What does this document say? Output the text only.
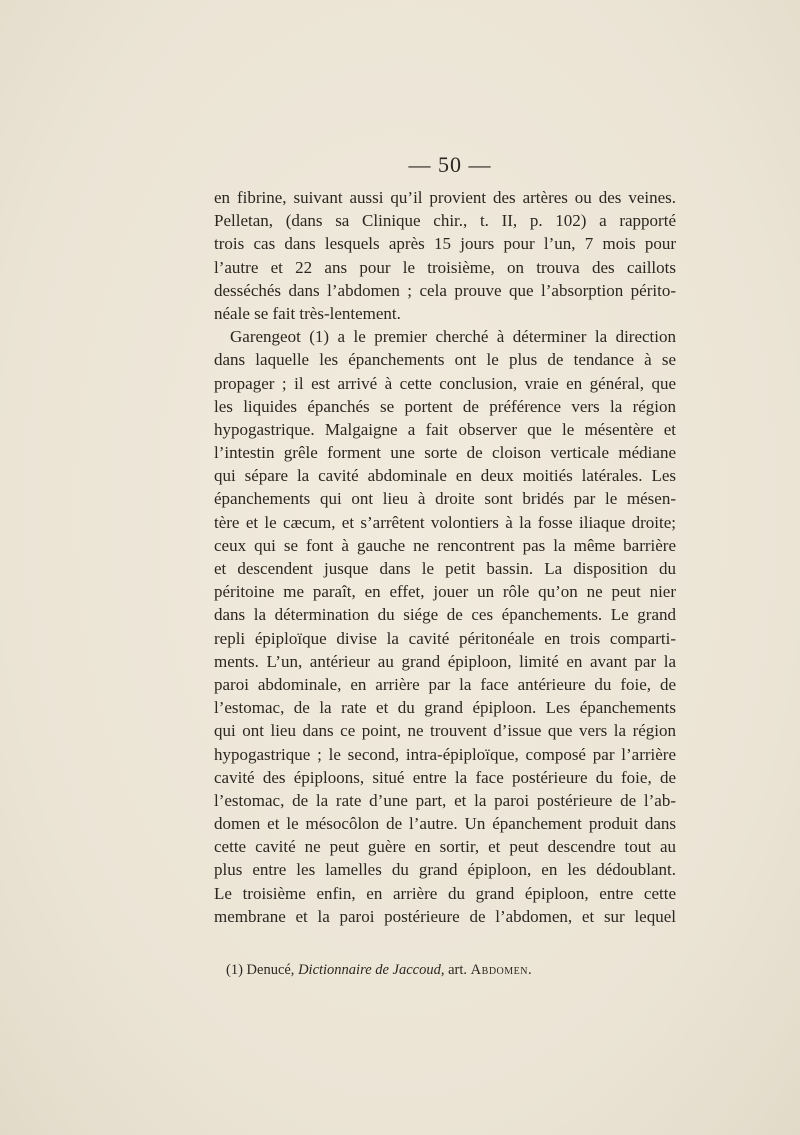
— 50 —
en fibrine, suivant aussi qu’il provient des artères ou des veines.
Pelletan, (dans sa Clinique chir., t. II, p. 102) a rapporté
trois cas dans lesquels après 15 jours pour l’un, 7 mois pour
l’autre et 22 ans pour le troisième, on trouva des caillots
desséchés dans l’abdomen ; cela prouve que l’absorption périto-
néale se fait très-lentement.
Garengeot (1) a le premier cherché à déterminer la direction
dans laquelle les épanchements ont le plus de tendance à se
propager ; il est arrivé à cette conclusion, vraie en général, que
les liquides épanchés se portent de préférence vers la région
hypogastrique. Malgaigne a fait observer que le mésentère et
l’intestin grêle forment une sorte de cloison verticale médiane
qui sépare la cavité abdominale en deux moitiés latérales. Les
épanchements qui ont lieu à droite sont bridés par le mésen-
tère et le cæcum, et s’arrêtent volontiers à la fosse iliaque droite;
ceux qui se font à gauche ne rencontrent pas la même barrière
et descendent jusque dans le petit bassin. La disposition du
péritoine me paraît, en effet, jouer un rôle qu’on ne peut nier
dans la détermination du siége de ces épanchements. Le grand
repli épiploïque divise la cavité péritonéale en trois comparti-
ments. L’un, antérieur au grand épiploon, limité en avant par la
paroi abdominale, en arrière par la face antérieure du foie, de
l’estomac, de la rate et du grand épiploon. Les épanchements
qui ont lieu dans ce point, ne trouvent d’issue que vers la région
hypogastrique ; le second, intra-épiploïque, composé par l’arrière
cavité des épiploons, situé entre la face postérieure du foie, de
l’estomac, de la rate d’une part, et la paroi postérieure de l’ab-
domen et le mésocôlon de l’autre. Un épanchement produit dans
cette cavité ne peut guère en sortir, et peut descendre tout au
plus entre les lamelles du grand épiploon, en les dédoublant.
Le troisième enfin, en arrière du grand épiploon, entre cette
membrane et la paroi postérieure de l’abdomen, et sur lequel
(1) Denucé, Dictionnaire de Jaccoud, art. Abdomen.
